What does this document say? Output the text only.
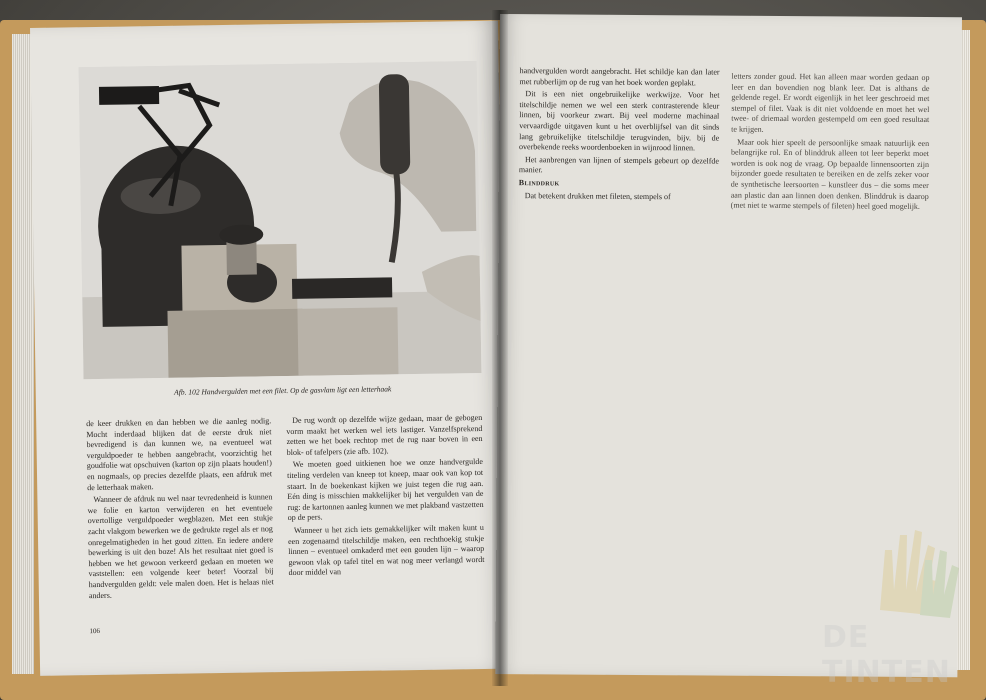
Afb. 102 Handvergulden met een filet. Op de gasvlam ligt een letterhaak

de keer drukken en dan hebben we die aanleg nodig. Mocht inderdaad blijken dat de eerste druk niet bevredigend is dan kunnen we, na eventueel wat verguldpoeder te hebben aangebracht, voorzichtig het goudfolie wat opschuiven (karton op zijn plaats houden!) en nogmaals, op precies dezelfde plaats, een afdruk met de letterhaak maken.

Wanneer de afdruk nu wel naar tevredenheid is kunnen we folie en karton verwijderen en het eventuele overtollige verguldpoeder wegblazen. Met een stukje zacht vlakgom bewerken we de gedrukte regel als er nog onregelmatigheden in het goud zitten. En iedere andere bewerking is uit den boze! Als het resultaat niet goed is hebben we het gewoon verkeerd gedaan en moeten we vaststellen: een volgende keer beter! Voorzal bij handvergulden geldt: vele malen doen. Het is helaas niet anders.

De rug wordt op dezelfde wijze gedaan, maar de gebogen vorm maakt het werken wel iets lastiger. Vanzelfsprekend zetten we het boek rechtop met de rug naar boven in een blok- of tafelpers (zie afb. 102).

We moeten goed uitkienen hoe we onze handvergulde titeling verdelen van kneep tot kneep, maar ook van kop tot staart. In de boekenkast kijken we juist tegen die rug aan. Eén ding is misschien makkelijker bij het vergulden van de rug: de kartonnen aanleg kunnen we met plakband vastzetten op de pers.

Wanneer u het zich iets gemakkelijker wilt maken kunt u een zogenaamd titelschildje maken, een rechthoekig stukje linnen – eventueel omkaderd met een gouden lijn – waarop gewoon vlak op tafel titel en wat nog meer verlangd wordt door middel van

106

handvergulden wordt aangebracht. Het schildje kan dan later met rubberlijm op de rug van het boek worden geplakt.

Dit is een niet ongebruikelijke werkwijze. Voor het titelschildje nemen we wel een sterk contrasterende kleur linnen, bij voorkeur zwart. Bij veel moderne machinaal vervaardigde uitgaven kunt u het overblijfsel van dit sinds lang gebruikelijke titelschildje terugvinden, bijv. bij de overbekende reeks woordenboeken in wijnrood linnen.

Het aanbrengen van lijnen of stempels gebeurt op dezelfde manier.

Blinddruk

Dat betekent drukken met fileten, stempels of

letters zonder goud. Het kan alleen maar worden gedaan op leer en dan bovendien nog blank leer. Dat is althans de geldende regel. Er wordt eigenlijk in het leer geschroeid met stempel of filet. Vaak is dit niet voldoende en moet het wel twee- of driemaal worden gestempeld om een goed resultaat te krijgen.

Maar ook hier speelt de persoonlijke smaak natuurlijk een belangrijke rol. En of blinddruk alleen tot leer beperkt moet worden is ook nog de vraag. Op bepaalde linnensoorten zijn bijzonder goede resultaten te bereiken en de zelfs zeker voor de synthetische leersoorten – kunstleer dus – die soms meer aan plastic dan aan linnen doen denken. Blinddruk is daarop (met niet te warme stempels of fileten) heel goed mogelijk.

DE TINTEN
